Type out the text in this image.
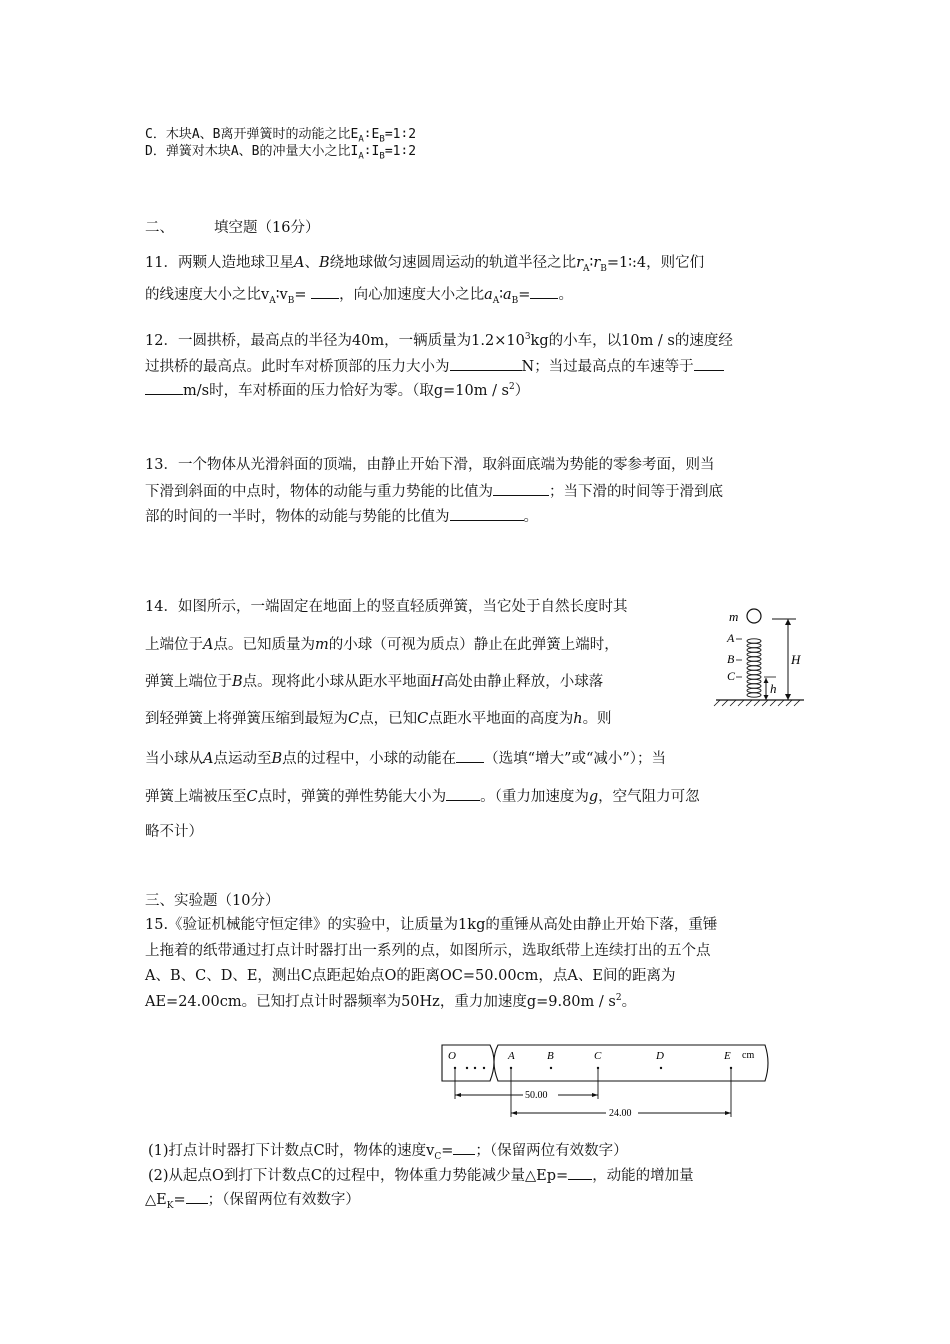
C．木块A、B离开弹簧时的动能之比$E_A∶E_B=1∶2$
D．弹簧对木块A、B的冲量大小之比$I_A∶I_B=1∶2$
二、	填空题（16分）
11．两颗人造地球卫星A、B绕地球做匀速圆周运动的轨道半径之比$r_A∶r_B=1∶:4$，则它们
的线速度大小之比$v_A∶v_B=$ ，向心加速度大小之比$a_A∶a_B=$ 。
12．一圆拱桥，最高点的半径为40m，一辆质量为$1.2\times 10^3kg$的小车，以10m / s的速度经
过拱桥的最高点。此时车对桥顶部的压力大小为	N；当过最高点的车速等于
m/s时，车对桥面的压力恰好为零。（取$g=10m / s^2$）
13．一个物体从光滑斜面的顶端，由静止开始下滑，取斜面底端为势能的零参考面，则当
下滑到斜面的中点时，物体的动能与重力势能的比值为	；当下滑的时间等于滑到底
部的时间的一半时，物体的动能与势能的比值为	。
14．如图所示，一端固定在地面上的竖直轻质弹簧，当它处于自然长度时其
上端位于A点。已知质量为m的小球（可视为质点）静止在此弹簧上端时，
弹簧上端位于B点。现将此小球从距水平地面H高处由静止释放，小球落
到轻弹簧上将弹簧压缩到最短为C点，已知C点距水平地面的高度为h。则
当小球从A点运动至B点的过程中，小球的动能在 （选填“增大”或“减小”）；当
弹簧上端被压至C点时，弹簧的弹性势能大小为 。（重力加速度为g，空气阻力可忽
略不计）
m
A
B
C
H
h
三、实验题（10分）
15.《验证机械能守恒定律》的实验中，让质量为1kg的重锤从高处由静止开始下落，重锤
上拖着的纸带通过打点计时器打出一系列的点，如图所示，选取纸带上连续打出的五个点
A、B、C、D、E，测出C点距起始点O的距离OC=50.00cm，点A、E间的距离为
AE=24.00cm。已知打点计时器频率为50Hz，重力加速度$g=9.80m / s^2$。
O	A	B	C	D	E cm
50.00
24.00
(1)打点计时器打下计数点C时，物体的速度$v_C=$ ；（保留两位有效数字）
(2)从起点O到打下计数点C的过程中，物体重力势能减少量△Ep= ，动能的增加量
$\triangle E_K=$ ；（保留两位有效数字）
